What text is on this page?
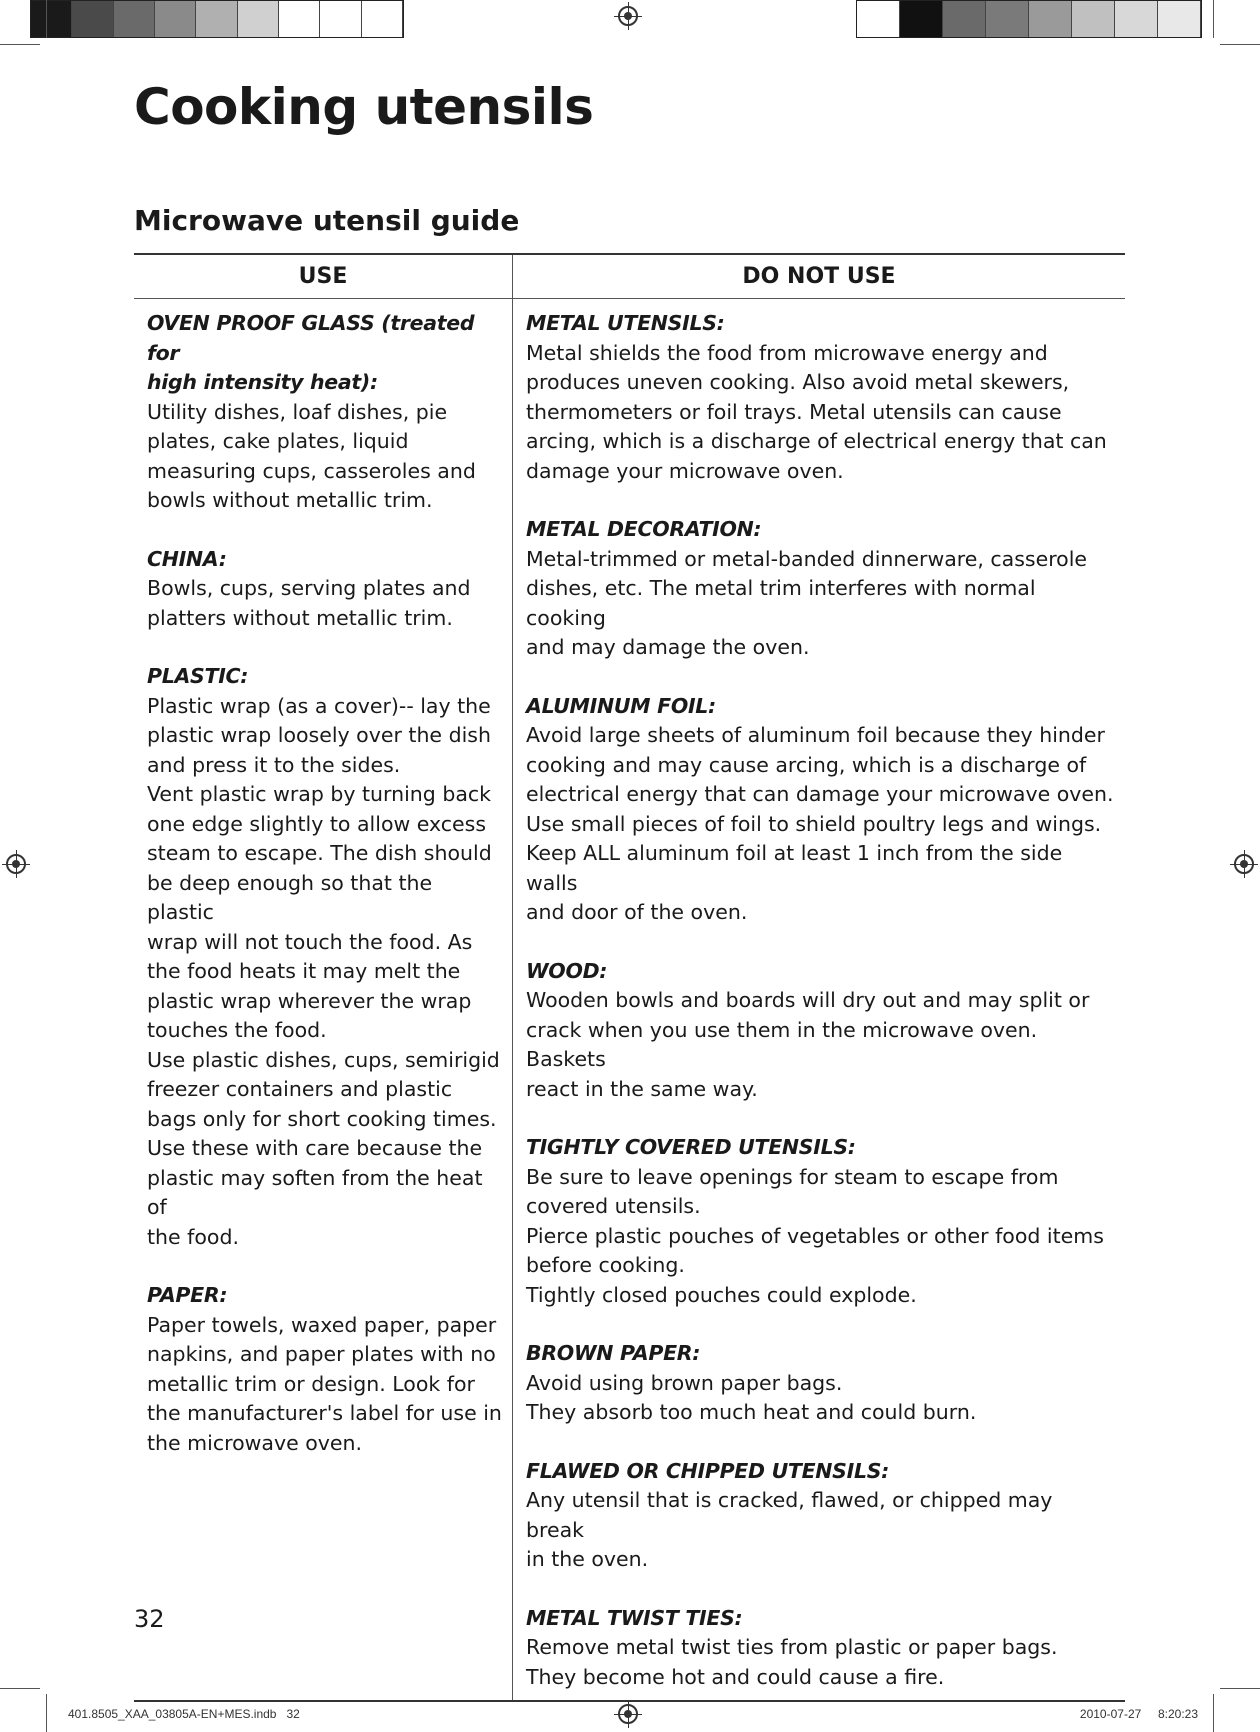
Cooking utensils
Microwave utensil guide
USE	DO NOT USE
OVEN PROOF GLASS (treated for
high intensity heat):
Utility dishes, loaf dishes, pie
plates, cake plates, liquid
measuring cups, casseroles and
bowls without metallic trim.
CHINA:
Bowls, cups, serving plates and
platters without metallic trim.
PLASTIC:
Plastic wrap (as a cover)-- lay the
plastic wrap loosely over the dish
and press it to the sides.
Vent plastic wrap by turning back
one edge slightly to allow excess
steam to escape. The dish should
be deep enough so that the plastic
wrap will not touch the food. As
the food heats it may melt the
plastic wrap wherever the wrap
touches the food.
Use plastic dishes, cups, semirigid
freezer containers and plastic
bags only for short cooking times.
Use these with care because the
plastic may soften from the heat of
the food.
PAPER:
Paper towels, waxed paper, paper
napkins, and paper plates with no
metallic trim or design. Look for
the manufacturer's label for use in
the microwave oven.
METAL UTENSILS:
Metal shields the food from microwave energy and
produces uneven cooking. Also avoid metal skewers,
thermometers or foil trays. Metal utensils can cause
arcing, which is a discharge of electrical energy that can
damage your microwave oven.
METAL DECORATION:
Metal-trimmed or metal-banded dinnerware, casserole
dishes, etc. The metal trim interferes with normal cooking
and may damage the oven.
ALUMINUM FOIL:
Avoid large sheets of aluminum foil because they hinder
cooking and may cause arcing, which is a discharge of
electrical energy that can damage your microwave oven.
Use small pieces of foil to shield poultry legs and wings.
Keep ALL aluminum foil at least 1 inch from the side walls
and door of the oven.
WOOD:
Wooden bowls and boards will dry out and may split or
crack when you use them in the microwave oven. Baskets
react in the same way.
TIGHTLY COVERED UTENSILS:
Be sure to leave openings for steam to escape from
covered utensils.
Pierce plastic pouches of vegetables or other food items
before cooking.
Tightly closed pouches could explode.
BROWN PAPER:
Avoid using brown paper bags.
They absorb too much heat and could burn.
FLAWED OR CHIPPED UTENSILS:
Any utensil that is cracked, flawed, or chipped may break
in the oven.
METAL TWIST TIES:
Remove metal twist ties from plastic or paper bags.
They become hot and could cause a fire.
32
401.8505_XAA_03805A-EN+MES.indb   32	2010-07-27     8:20:23
